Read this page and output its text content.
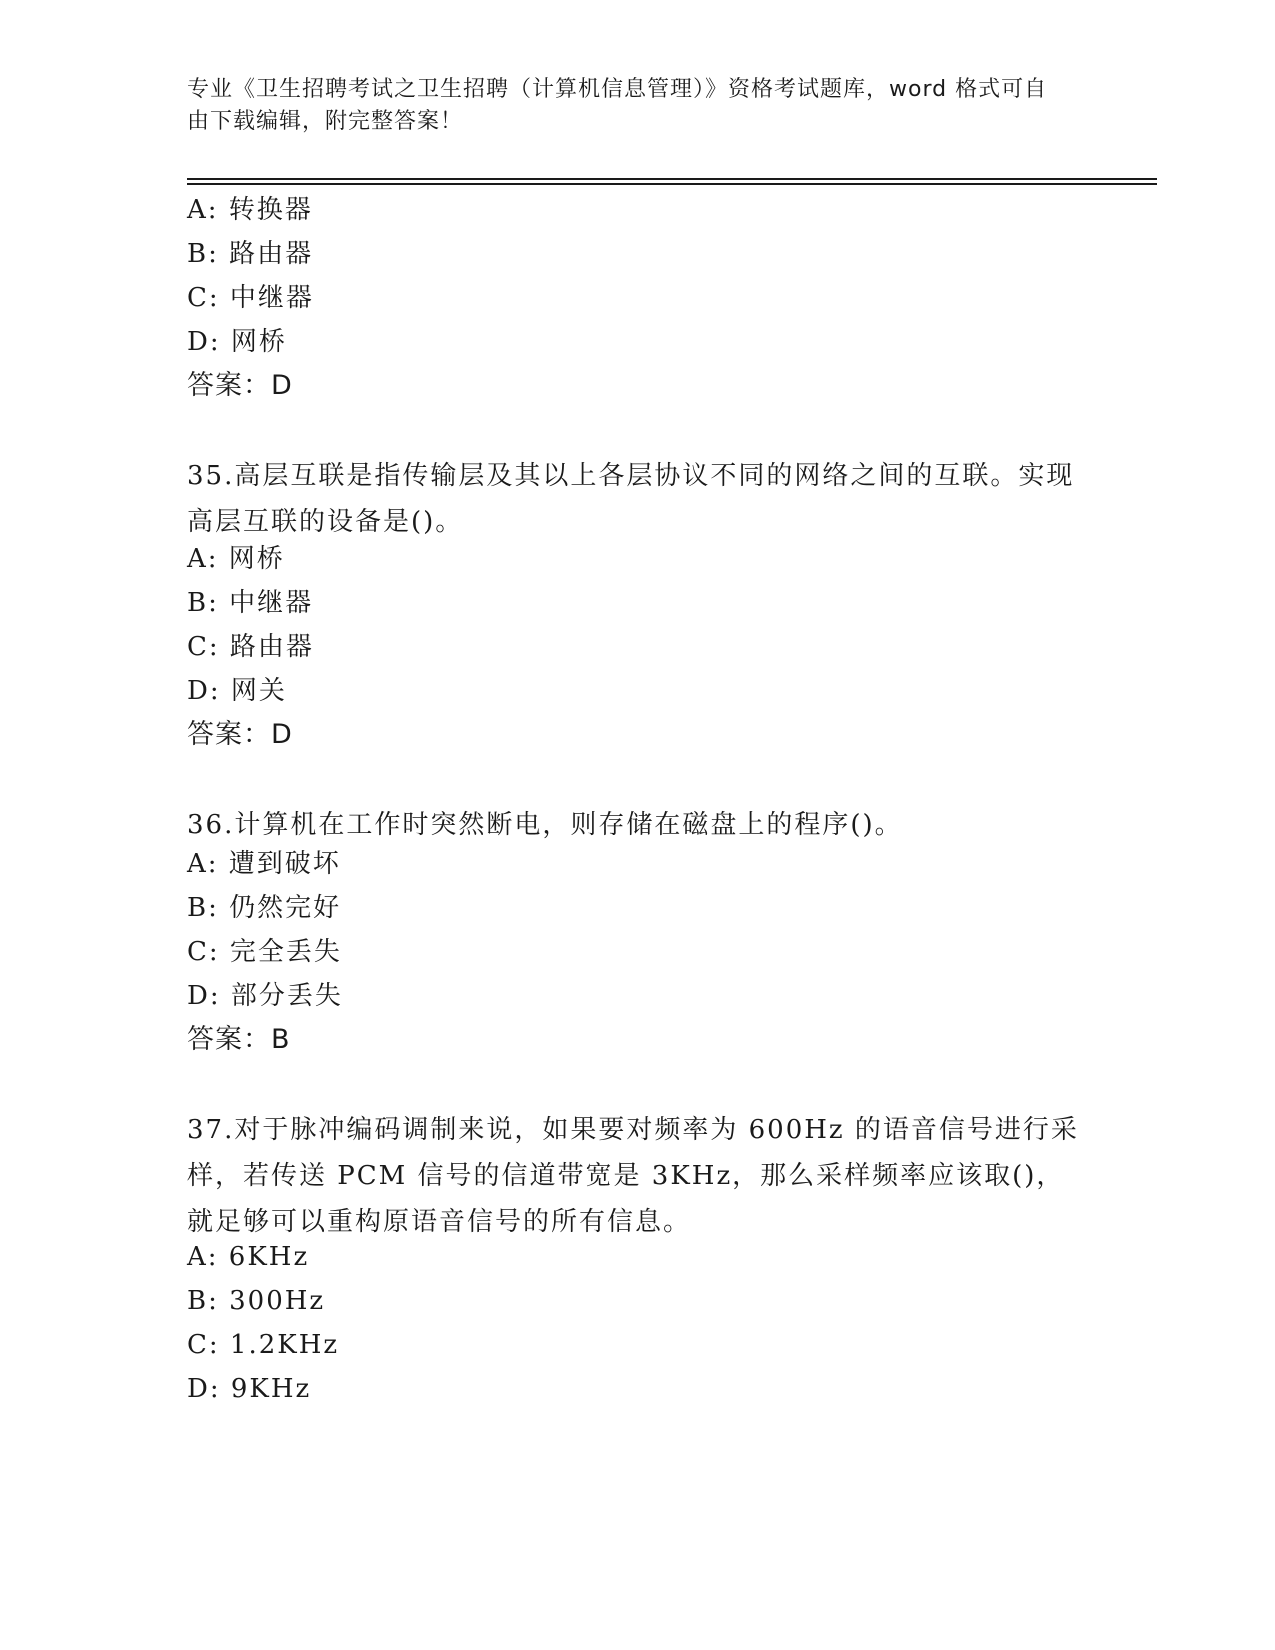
专业《卫生招聘考试之卫生招聘（计算机信息管理）》资格考试题库，word 格式可自由下载编辑，附完整答案！
A: 转换器
B: 路由器
C: 中继器
D: 网桥
答案：D
35.高层互联是指传输层及其以上各层协议不同的网络之间的互联。实现高层互联的设备是()。
A: 网桥
B: 中继器
C: 路由器
D: 网关
答案：D
36.计算机在工作时突然断电，则存储在磁盘上的程序()。
A: 遭到破坏
B: 仍然完好
C: 完全丢失
D: 部分丢失
答案：B
37.对于脉冲编码调制来说，如果要对频率为 600Hz 的语音信号进行采样，若传送 PCM 信号的信道带宽是 3KHz，那么采样频率应该取()，就足够可以重构原语音信号的所有信息。
A: 6KHz
B: 300Hz
C: 1.2KHz
D: 9KHz
